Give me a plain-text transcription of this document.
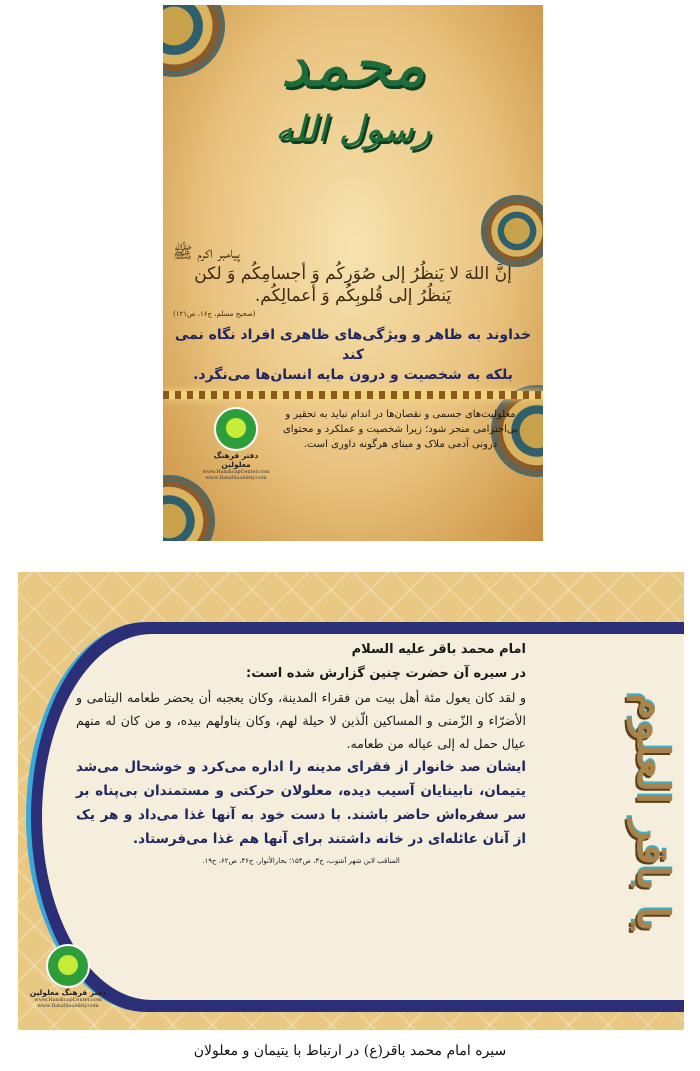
محمد
رسول الله
پیامبر اکرم ﷺ
إنَّ اللهَ لا یَنظُرُ إلی صُوَرِکُم وَ أجسامِکُم وَ لکن
یَنظُرُ إلی قُلوبِکُم وَ أعمالِکُم.
(صحیح مسلم، ج۱۶، ص۱۲۱)
خداوند به ظاهر و ویژگی‌های ظاهری افراد نگاه نمی کند
بلکه به شخصیت و درون مایه انسان‌ها می‌نگرد.
معلولیت‌های جسمی و نقصان‌ها در اندام نباید به تحقیر و
بی‌احترامی منجر شود؛ زیرا شخصیت و عملکرد و محتوای
درونی آدمی ملاک و مبنای هرگونه داوری است.
دفتر فرهنگ معلولین
www.HandicapCenter.com
www.DataDisability.com
یا باقر العلوم
امام محمد باقر علیه السلام
در سیره آن حضرت چنین گزارش شده است:
و لقد كان يعول مئة أهل بيت من فقراء المدينة، وكان يعجبه أن يحضر طعامه اليتامى و الأضرّاء و الزّمنى و المساكين الّذين لا حيلة لهم، وكان يناولهم بيده، و من كان له منهم عيال حمل له إلى عياله من طعامه.
ایشان صد خانوار از فقرای مدینه را اداره می‌کرد و خوشحال می‌شد یتیمان، نابینایان آسیب دیده، معلولان حرکتی و مستمندان بی‌پناه بر سر سفره‌اش حاضر باشند. با دست خود به آنها غذا می‌داد و هر یک از آنان عائله‌ای در خانه داشتند برای آنها هم غذا می‌فرستاد.
المناقب لابن شهر آشوب، ج۴، ص۱۵۴؛ بحارالأنوار، ج۴۶، ص۶۲، ح۱۹.
دفتر فرهنگ معلولین
www.HandicapCenter.com
www.DataDisability.com
سیره امام محمد باقر(ع) در ارتباط با یتیمان و معلولان
